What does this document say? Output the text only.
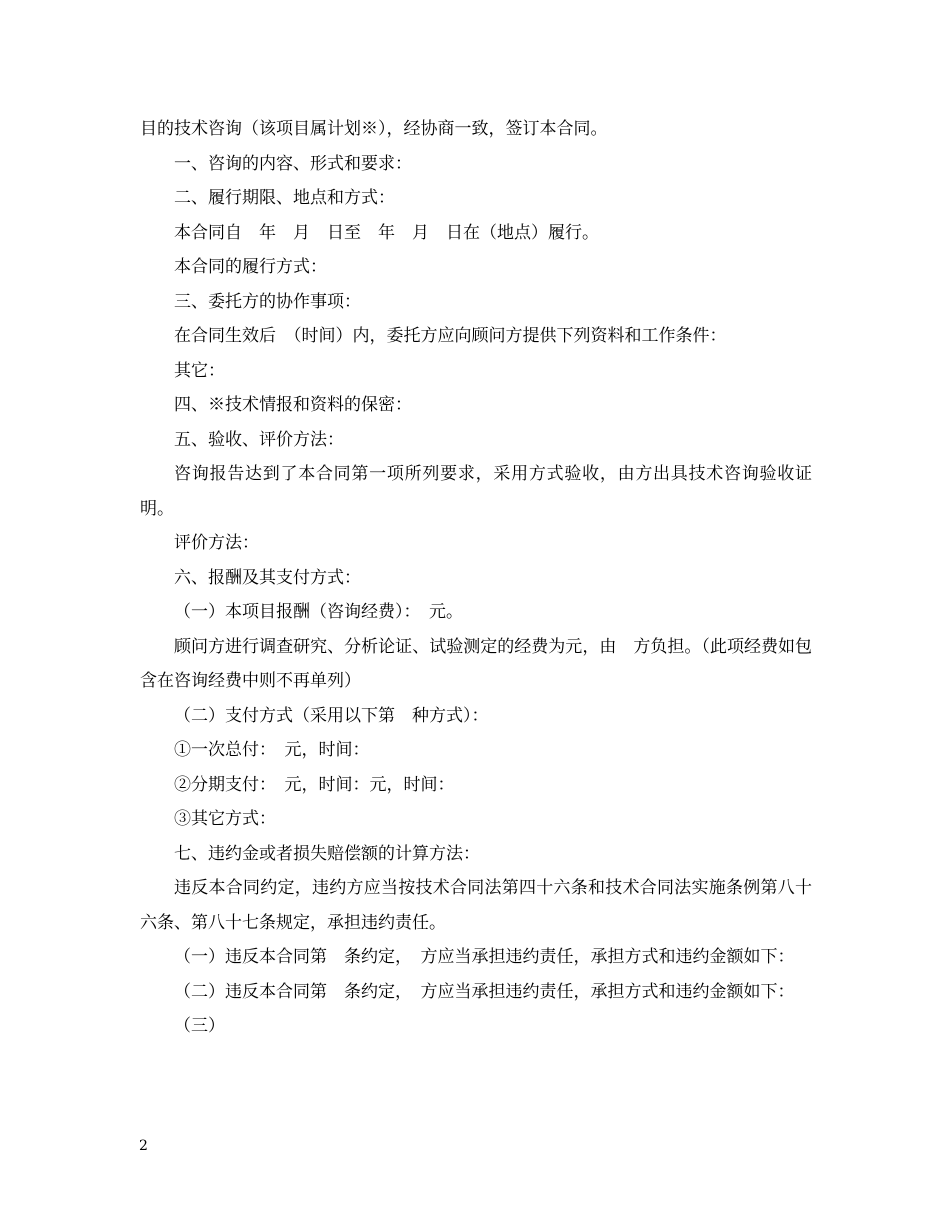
目的技术咨询（该项目属计划※），经协商一致，签订本合同。

一、咨询的内容、形式和要求：

二、履行期限、地点和方式：

本合同自　年　月　日至　年　月　日在（地点）履行。

本合同的履行方式：

三、委托方的协作事项：

在合同生效后　（时间）内，委托方应向顾问方提供下列资料和工作条件：

其它：

四、※技术情报和资料的保密：

五、验收、评价方法：

咨询报告达到了本合同第一项所列要求，采用方式验收，由方出具技术咨询验收证明。

评价方法：

六、报酬及其支付方式：

（一）本项目报酬（咨询经费）：　元。

顾问方进行调查研究、分析论证、试验测定的经费为元，由　方负担。（此项经费如包含在咨询经费中则不再单列）

（二）支付方式（采用以下第　种方式）：

①一次总付：　元，时间：

②分期支付：　元，时间：元，时间：

③其它方式：

七、违约金或者损失赔偿额的计算方法：

违反本合同约定，违约方应当按技术合同法第四十六条和技术合同法实施条例第八十六条、第八十七条规定，承担违约责任。

（一）违反本合同第　条约定，　方应当承担违约责任，承担方式和违约金额如下：

（二）违反本合同第　条约定，　方应当承担违约责任，承担方式和违约金额如下：

（三）

2
